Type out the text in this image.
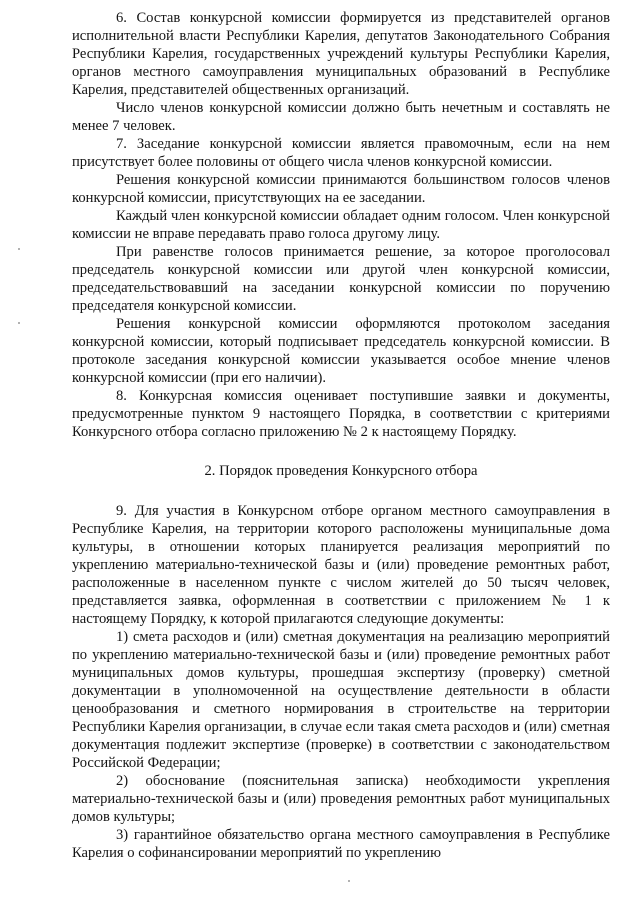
6. Состав конкурсной комиссии формируется из представителей органов исполнительной власти Республики Карелия, депутатов Законодательного Собрания Республики Карелия, государственных учреждений культуры Республики Карелия, органов местного самоуправления муниципальных образований в Республике Карелия, представителей общественных организаций.

Число членов конкурсной комиссии должно быть нечетным и составлять не менее 7 человек.

7. Заседание конкурсной комиссии является правомочным, если на нем присутствует более половины от общего числа членов конкурсной комиссии.

Решения конкурсной комиссии принимаются большинством голосов членов конкурсной комиссии, присутствующих на ее заседании.

Каждый член конкурсной комиссии обладает одним голосом. Член конкурсной комиссии не вправе передавать право голоса другому лицу.

При равенстве голосов принимается решение, за которое проголосовал председатель конкурсной комиссии или другой член конкурсной комиссии, председательствовавший на заседании конкурсной комиссии по поручению председателя конкурсной комиссии.

Решения конкурсной комиссии оформляются протоколом заседания конкурсной комиссии, который подписывает председатель конкурсной комиссии. В протоколе заседания конкурсной комиссии указывается особое мнение членов конкурсной комиссии (при его наличии).

8. Конкурсная комиссия оценивает поступившие заявки и документы, предусмотренные пунктом 9 настоящего Порядка, в соответствии с критериями Конкурсного отбора согласно приложению № 2 к настоящему Порядку.

2. Порядок проведения Конкурсного отбора

9. Для участия в Конкурсном отборе органом местного самоуправления в Республике Карелия, на территории которого расположены муниципальные дома культуры, в отношении которых планируется реализация мероприятий по укреплению материально-технической базы и (или) проведение ремонтных работ, расположенные в населенном пункте с числом жителей до 50 тысяч человек, представляется заявка, оформленная в соответствии с приложением № 1 к настоящему Порядку, к которой прилагаются следующие документы:

1) смета расходов и (или) сметная документация на реализацию мероприятий по укреплению материально-технической базы и (или) проведение ремонтных работ муниципальных домов культуры, прошедшая экспертизу (проверку) сметной документации в уполномоченной на осуществление деятельности в области ценообразования и сметного нормирования в строительстве на территории Республики Карелия организации, в случае если такая смета расходов и (или) сметная документация подлежит экспертизе (проверке) в соответствии с законодательством Российской Федерации;

2) обоснование (пояснительная записка) необходимости укрепления материально-технической базы и (или) проведения ремонтных работ муниципальных домов культуры;

3) гарантийное обязательство органа местного самоуправления в Республике Карелия о софинансировании мероприятий по укреплению
